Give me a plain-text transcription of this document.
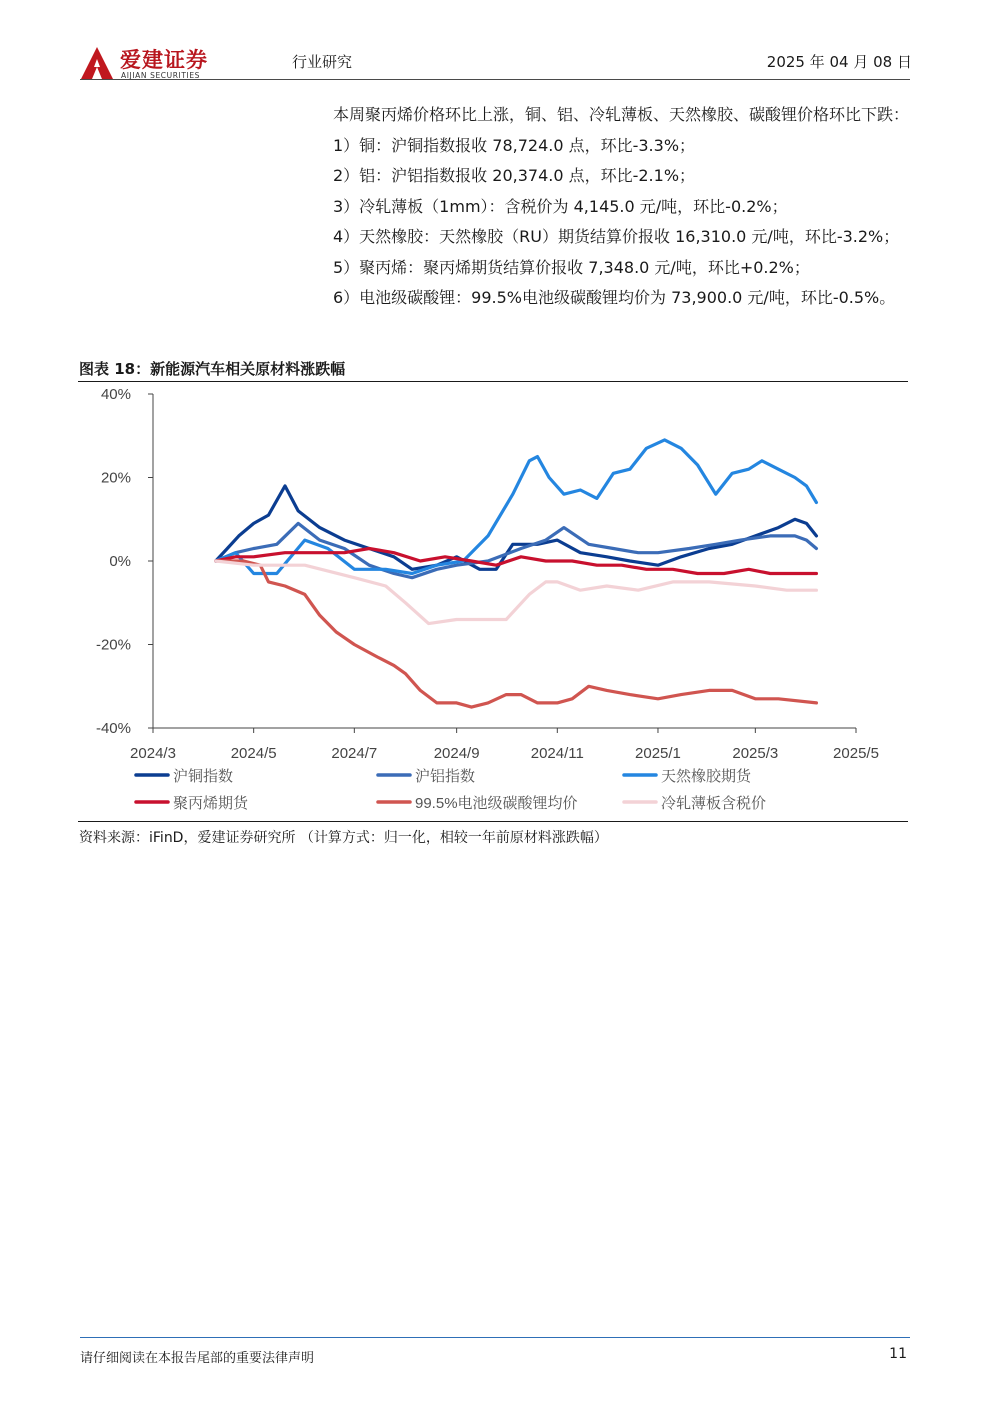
爱建证券
AIJIAN SECURITIES
行业研究	2025 年 04 月 08 日
本周聚丙烯价格环比上涨，铜、铝、冷轧薄板、天然橡胶、碳酸锂价格环比下跌：
1）铜：沪铜指数报收 78,724.0 点，环比-3.3%；
2）铝：沪铝指数报收 20,374.0 点，环比-2.1%；
3）冷轧薄板（1mm）：含税价为 4,145.0 元/吨，环比-0.2%；
4）天然橡胶：天然橡胶（RU）期货结算价报收 16,310.0 元/吨，环比-3.2%；
5）聚丙烯：聚丙烯期货结算价报收 7,348.0 元/吨，环比+0.2%；
6）电池级碳酸锂：99.5%电池级碳酸锂均价为 73,900.0 元/吨，环比-0.5%。
图表 18：新能源汽车相关原材料涨跌幅
40%
20%
0%
-20%
-40%
2024/3	2024/5	2024/7	2024/9	2024/11	2025/1	2025/3	2025/5
沪铜指数	沪铝指数	天然橡胶期货
聚丙烯期货	99.5%电池级碳酸锂均价	冷轧薄板含税价
资料来源：iFinD，爱建证券研究所 （计算方式：归一化，相较一年前原材料涨跌幅）
请仔细阅读在本报告尾部的重要法律声明	11
